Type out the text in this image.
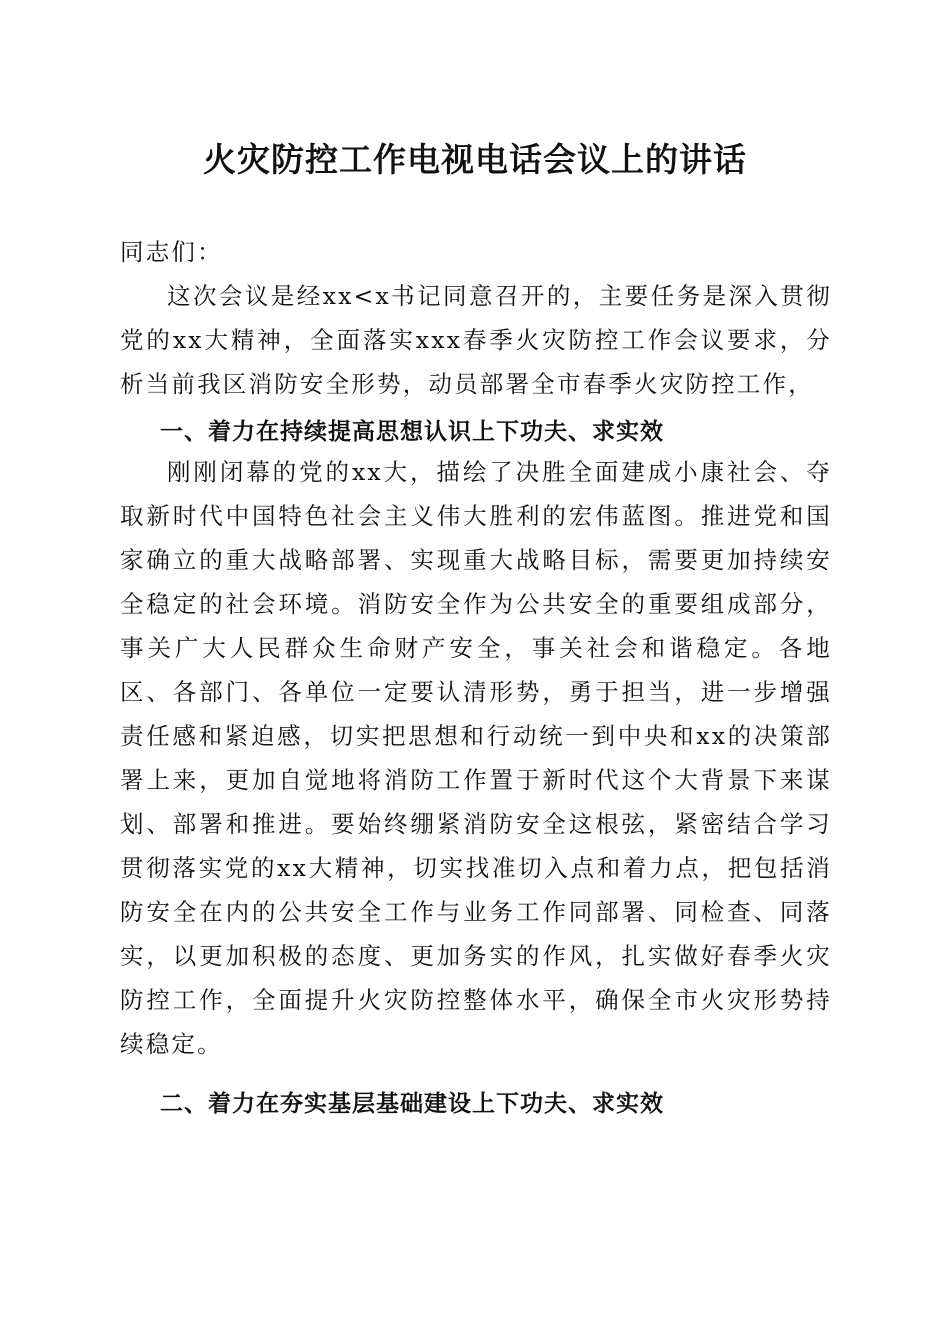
火灾防控工作电视电话会议上的讲话

同志们：

这次会议是经xx<x书记同意召开的，主要任务是深入贯彻党的xx大精神，全面落实xxx春季火灾防控工作会议要求，分析当前我区消防安全形势，动员部署全市春季火灾防控工作，

一、着力在持续提高思想认识上下功夫、求实效

刚刚闭幕的党的xx大，描绘了决胜全面建成小康社会、夺取新时代中国特色社会主义伟大胜利的宏伟蓝图。推进党和国家确立的重大战略部署、实现重大战略目标，需要更加持续安全稳定的社会环境。消防安全作为公共安全的重要组成部分，事关广大人民群众生命财产安全，事关社会和谐稳定。各地区、各部门、各单位一定要认清形势，勇于担当，进一步增强责任感和紧迫感，切实把思想和行动统一到中央和xx的决策部署上来，更加自觉地将消防工作置于新时代这个大背景下来谋划、部署和推进。要始终绷紧消防安全这根弦，紧密结合学习贯彻落实党的xx大精神，切实找准切入点和着力点，把包括消防安全在内的公共安全工作与业务工作同部署、同检查、同落实，以更加积极的态度、更加务实的作风，扎实做好春季火灾防控工作，全面提升火灾防控整体水平，确保全市火灾形势持续稳定。

二、着力在夯实基层基础建设上下功夫、求实效
